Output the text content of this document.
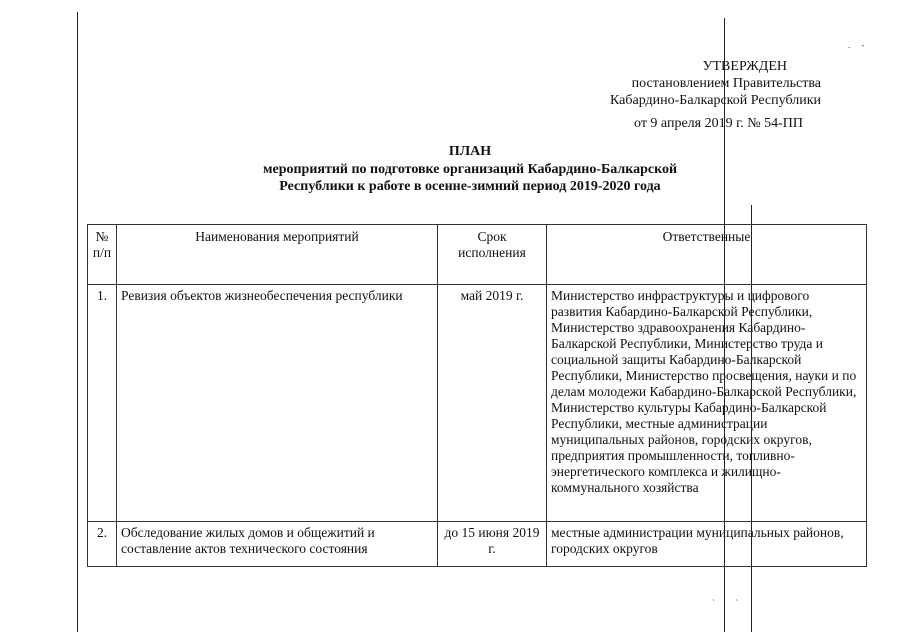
.     -
`         `
УТВЕРЖДЕН
постановлением Правительства
Кабардино-Балкарской Республики
от 9 апреля 2019 г. № 54-ПП
ПЛАН
мероприятий по подготовке организаций Кабардино-Балкарской
Республики к работе в осенне-зимний период 2019-2020 года
№ п/п	Наименования мероприятий	Срок исполнения	Ответственные
1.	Ревизия объектов жизнеобеспечения республики	май 2019 г.	Министерство инфраструктуры и цифрового развития Кабардино-Балкарской Республики, Министерство здравоохранения Кабардино-Балкарской Республики, Министерство труда и социальной защиты Кабардино-Балкарской Республики, Министерство просвещения, науки и по делам молодежи Кабардино-Балкарской Республики, Министерство культуры Кабардино-Балкарской Республики, местные администрации муниципальных районов, городских округов, предприятия промышленности, топливно-энергетического комплекса и жилищно-коммунального хозяйства
2.	Обследование жилых домов и общежитий и составление актов технического состояния	до 15 июня 2019 г.	местные администрации муниципальных районов, городских округов
